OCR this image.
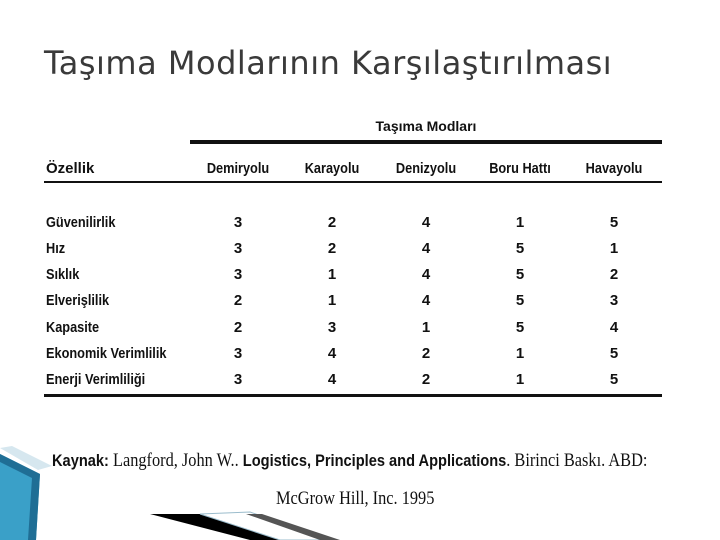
Taşıma Modlarının Karşılaştırılması
Taşıma Modları
Özellik	Demiryolu	Karayolu	Denizyolu	Boru Hattı	Havayolu
Güvenilirlik	3	2	4	1	5
Hız	3	2	4	5	1
Sıklık	3	1	4	5	2
Elverişlilik	2	1	4	5	3
Kapasite	2	3	1	5	4
Ekonomik Verimlilik	3	4	2	1	5
Enerji Verimliliği	3	4	2	1	5
Kaynak: Langford, John W.. Logistics, Principles and Applications. Birinci Baskı. ABD:
McGrow Hill, Inc. 1995
